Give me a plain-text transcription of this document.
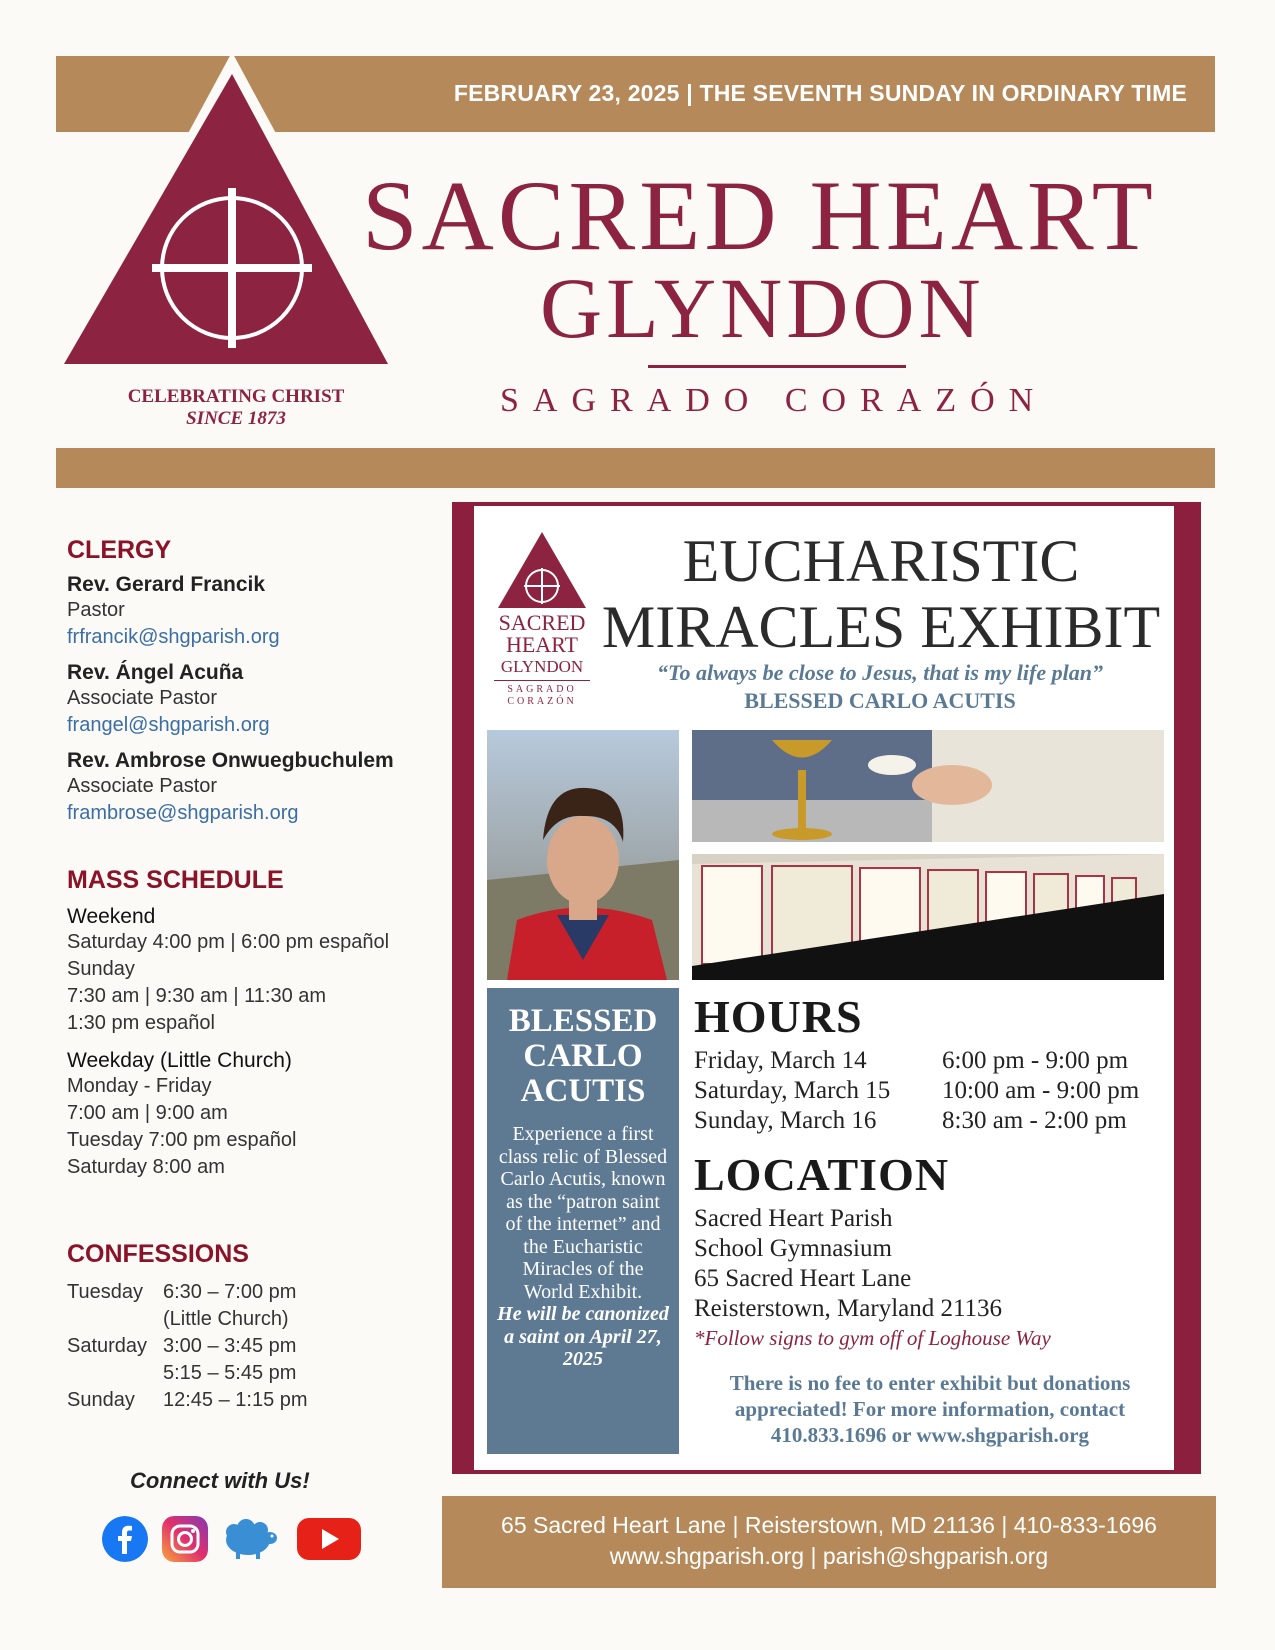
FEBRUARY 23, 2025 | THE SEVENTH SUNDAY IN ORDINARY TIME
CELEBRATING CHRIST
SINCE 1873
SACRED HEART
GLYNDON
SAGRADO CORAZÓN
CLERGY
Rev. Gerard Francik
Pastor
frfrancik@shgparish.org
Rev. Ángel Acuña
Associate Pastor
frangel@shgparish.org
Rev. Ambrose Onwuegbuchulem
Associate Pastor
frambrose@shgparish.org
MASS SCHEDULE
Weekend
Saturday 4:00 pm | 6:00 pm español
Sunday
7:30 am | 9:30 am | 11:30 am
1:30 pm español
Weekday (Little Church)
Monday - Friday
7:00 am | 9:00 am
Tuesday 7:00 pm español
Saturday 8:00 am
CONFESSIONS
Tuesday 6:30 – 7:00 pm
(Little Church)
Saturday 3:00 – 3:45 pm
5:15 – 5:45 pm
Sunday 12:45 – 1:15 pm
Connect with Us!
SACRED
HEART
GLYNDON
SAGRADO
CORAZÓN
EUCHARISTIC
MIRACLES EXHIBIT
“To always be close to Jesus, that is my life plan”
BLESSED CARLO ACUTIS
BLESSED
CARLO
ACUTIS
Experience a first class relic of Blessed Carlo Acutis, known as the “patron saint of the internet” and the Eucharistic Miracles of the World Exhibit.
He will be canonized a saint on April 27, 2025
HOURS
Friday, March 14	6:00 pm - 9:00 pm
Saturday, March 15 10:00 am - 9:00 pm
Sunday, March 16	8:30 am - 2:00 pm
LOCATION
Sacred Heart Parish
School Gymnasium
65 Sacred Heart Lane
Reisterstown, Maryland 21136
*Follow signs to gym off of Loghouse Way
There is no fee to enter exhibit but donations
appreciated! For more information, contact
410.833.1696 or www.shgparish.org
65 Sacred Heart Lane | Reisterstown, MD 21136 | 410-833-1696
www.shgparish.org | parish@shgparish.org
